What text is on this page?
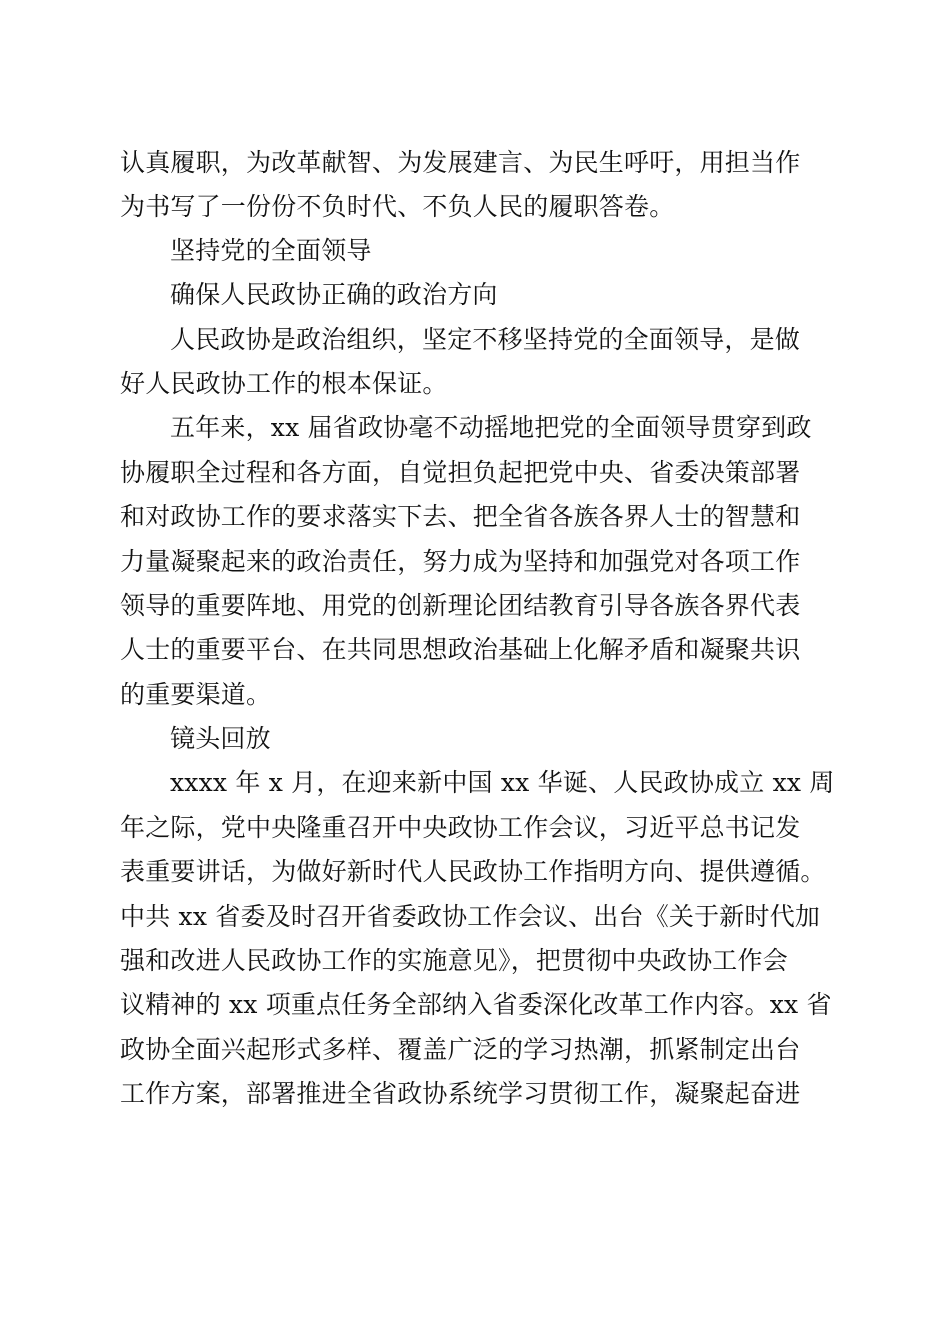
认真履职，为改革献智、为发展建言、为民生呼吁，用担当作
为书写了一份份不负时代、不负人民的履职答卷。
坚持党的全面领导
确保人民政协正确的政治方向
人民政协是政治组织，坚定不移坚持党的全面领导，是做
好人民政协工作的根本保证。
五年来，xx 届省政协毫不动摇地把党的全面领导贯穿到政
协履职全过程和各方面，自觉担负起把党中央、省委决策部署
和对政协工作的要求落实下去、把全省各族各界人士的智慧和
力量凝聚起来的政治责任，努力成为坚持和加强党对各项工作
领导的重要阵地、用党的创新理论团结教育引导各族各界代表
人士的重要平台、在共同思想政治基础上化解矛盾和凝聚共识
的重要渠道。
镜头回放
xxxx 年 x 月，在迎来新中国 xx 华诞、人民政协成立 xx 周
年之际，党中央隆重召开中央政协工作会议，习近平总书记发
表重要讲话，为做好新时代人民政协工作指明方向、提供遵循。
中共 xx 省委及时召开省委政协工作会议、出台《关于新时代加
强和改进人民政协工作的实施意见》，把贯彻中央政协工作会
议精神的 xx 项重点任务全部纳入省委深化改革工作内容。xx 省
政协全面兴起形式多样、覆盖广泛的学习热潮，抓紧制定出台
工作方案，部署推进全省政协系统学习贯彻工作，凝聚起奋进
